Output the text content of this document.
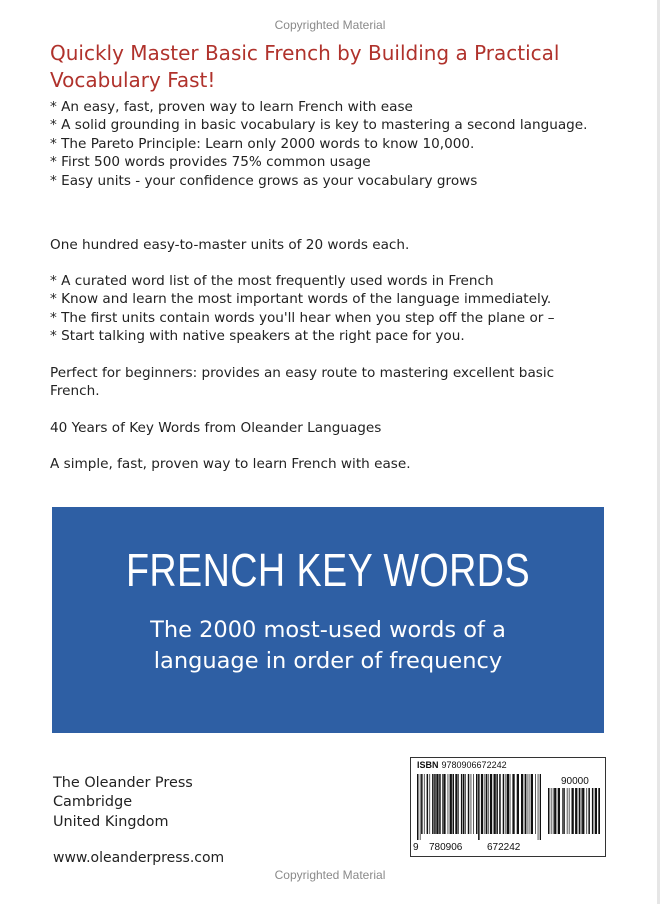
Copyrighted Material
Quickly Master Basic French by Building a Practical Vocabulary Fast!
* An easy, fast, proven way to learn French with ease
* A solid grounding in basic vocabulary is key to mastering a second language.
* The Pareto Principle: Learn only 2000 words to know 10,000.
* First 500 words provides 75% common usage
* Easy units - your confidence grows as your vocabulary grows
One hundred easy-to-master units of 20 words each.
* A curated word list of the most frequently used words in French
* Know and learn the most important words of the language immediately.
* The first units contain words you'll hear when you step off the plane or –
* Start talking with native speakers at the right pace for you.
Perfect for beginners: provides an easy route to mastering excellent basic French.
40 Years of Key Words from Oleander Languages
A simple, fast, proven way to learn French with ease.
FRENCH KEY WORDS
The 2000 most-used words of a
language in order of frequency
The Oleander Press
Cambridge
United Kingdom
www.oleanderpress.com
ISBN 9780906672242
90000
9 780906 672242
Copyrighted Material
